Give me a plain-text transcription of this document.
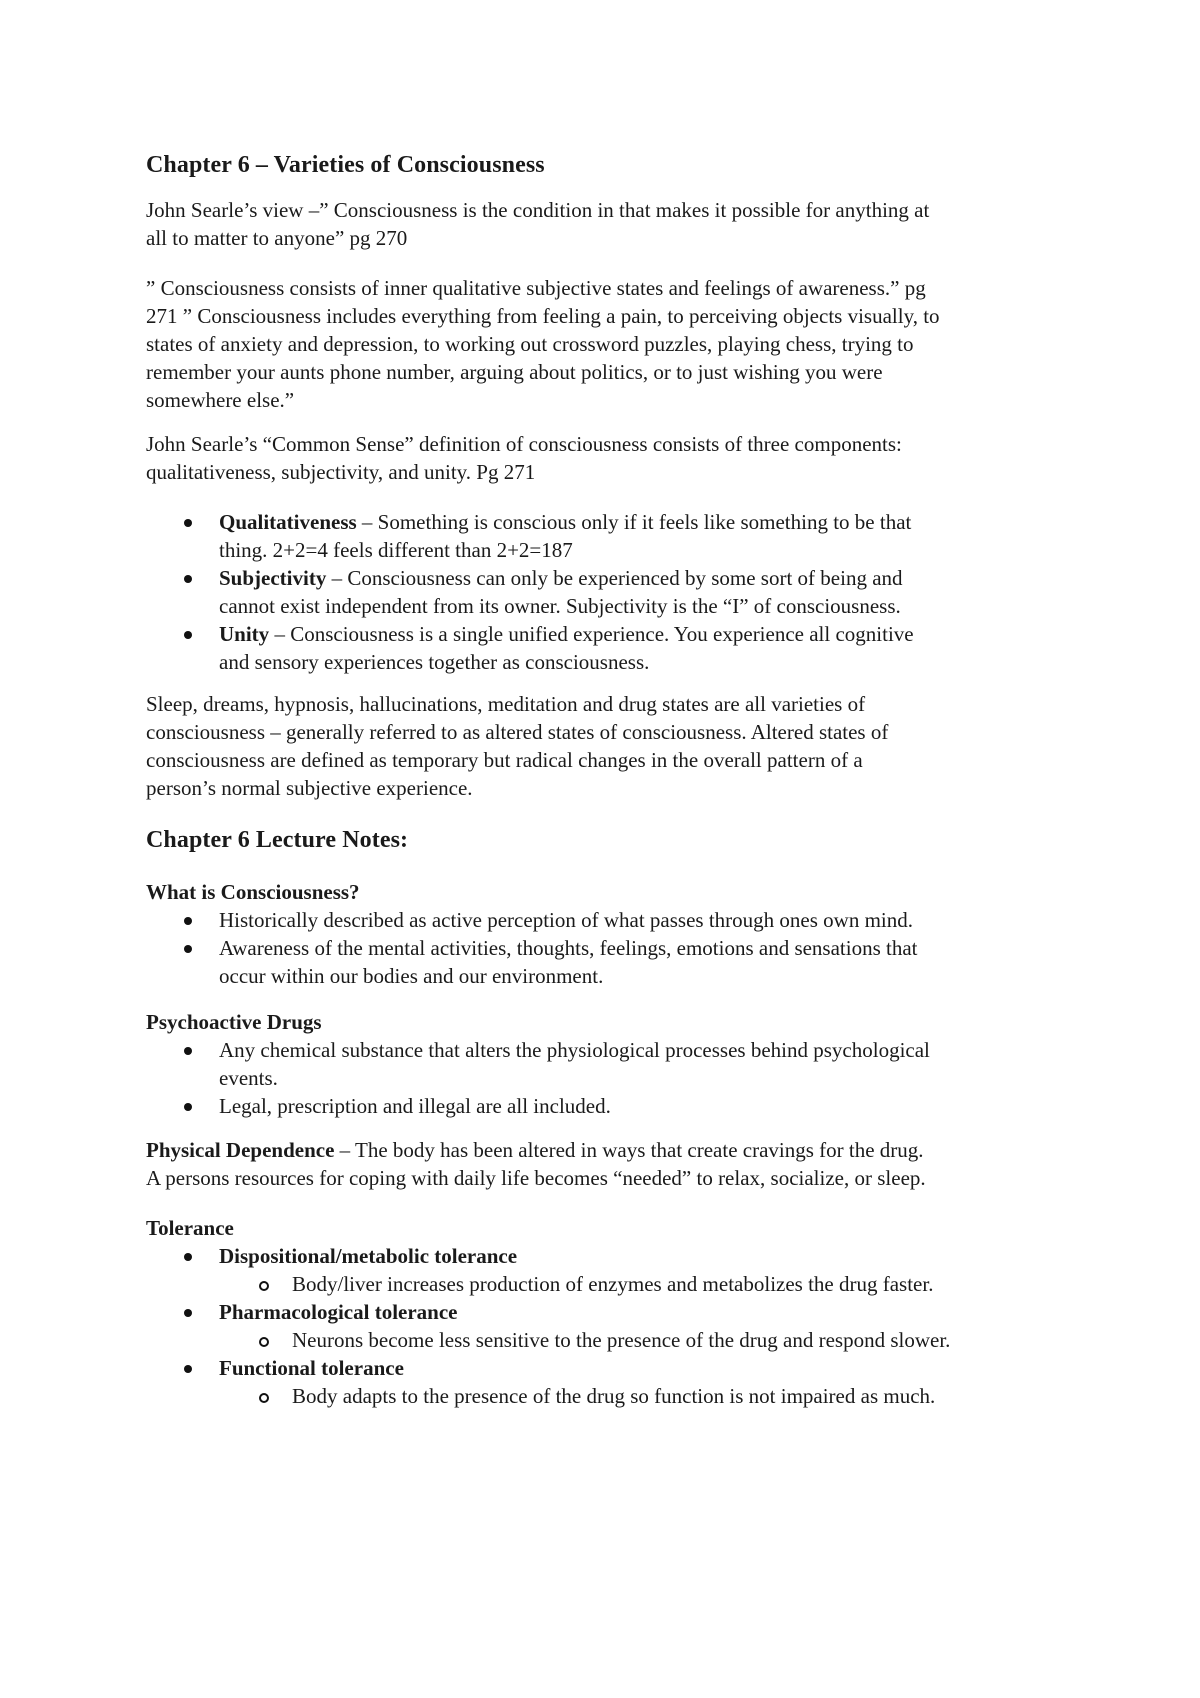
Chapter 6 – Varieties of Consciousness
John Searle’s view –” Consciousness is the condition in that makes it possible for anything at
all to matter to anyone” pg 270
” Consciousness consists of inner qualitative subjective states and feelings of awareness.” pg
271 ” Consciousness includes everything from feeling a pain, to perceiving objects visually, to
states of anxiety and depression, to working out crossword puzzles, playing chess, trying to
remember your aunts phone number, arguing about politics, or to just wishing you were
somewhere else.”
John Searle’s “Common Sense” definition of consciousness consists of three components:
qualitativeness, subjectivity, and unity. Pg 271
Qualitativeness – Something is conscious only if it feels like something to be that
thing. 2+2=4 feels different than 2+2=187
Subjectivity – Consciousness can only be experienced by some sort of being and
cannot exist independent from its owner. Subjectivity is the “I” of consciousness.
Unity – Consciousness is a single unified experience. You experience all cognitive
and sensory experiences together as consciousness.
Sleep, dreams, hypnosis, hallucinations, meditation and drug states are all varieties of
consciousness – generally referred to as altered states of consciousness. Altered states of
consciousness are defined as temporary but radical changes in the overall pattern of a
person’s normal subjective experience.
Chapter 6 Lecture Notes:
What is Consciousness?
Historically described as active perception of what passes through ones own mind.
Awareness of the mental activities, thoughts, feelings, emotions and sensations that
occur within our bodies and our environment.
Psychoactive Drugs
Any chemical substance that alters the physiological processes behind psychological
events.
Legal, prescription and illegal are all included.
Physical Dependence – The body has been altered in ways that create cravings for the drug.
A persons resources for coping with daily life becomes “needed” to relax, socialize, or sleep.
Tolerance
Dispositional/metabolic tolerance
Body/liver increases production of enzymes and metabolizes the drug faster.
Pharmacological tolerance
Neurons become less sensitive to the presence of the drug and respond slower.
Functional tolerance
Body adapts to the presence of the drug so function is not impaired as much.
